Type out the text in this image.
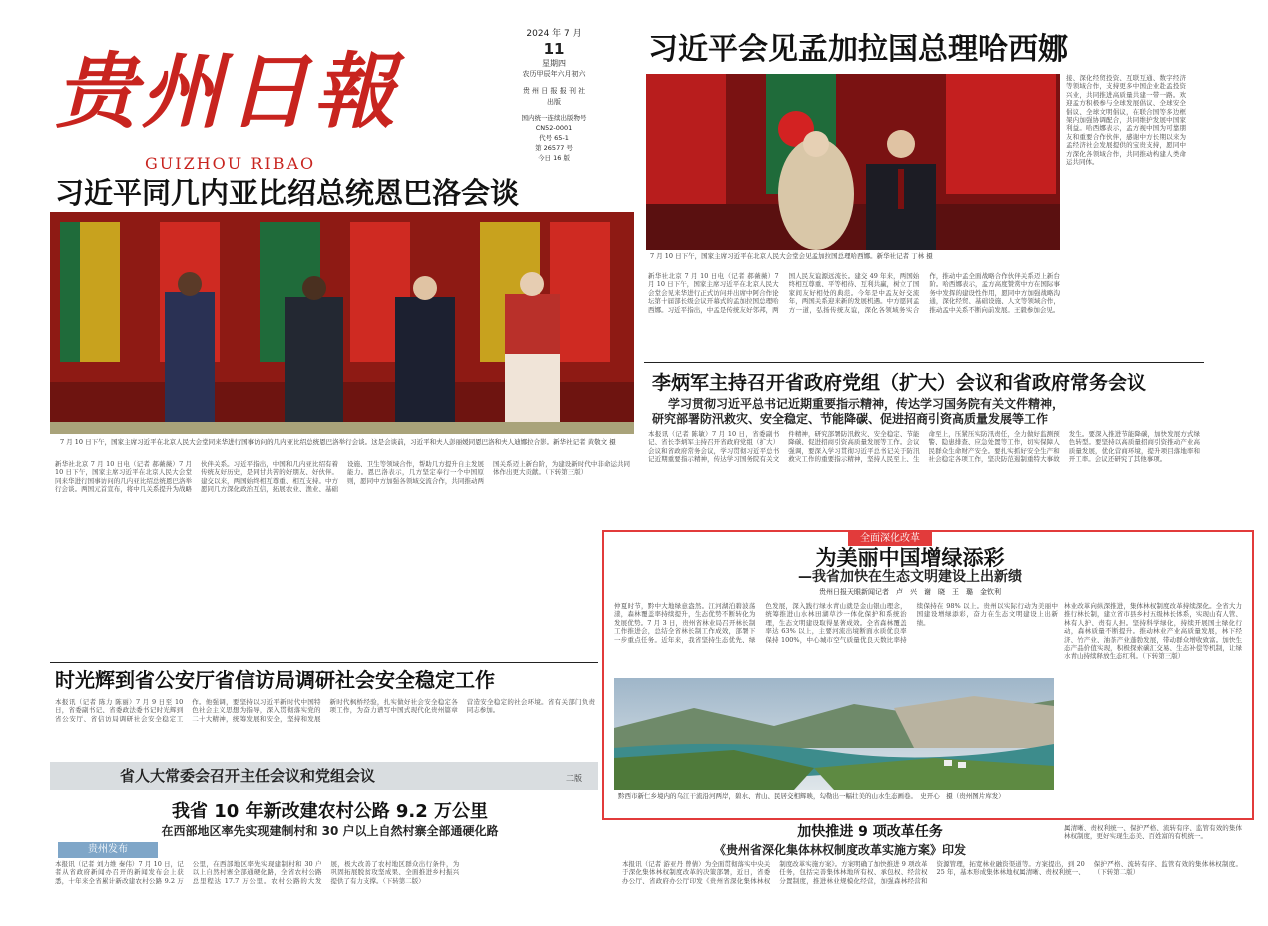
贵州日報
GUIZHOU RIBAO
2024 年 7 月
11
星期四
农历甲辰年六月初六
贵 州 日 报 报 刊 社
出版
国内统一连续出版物号
CN52-0001
代号 65-1
第 26577 号
今日 16 版
习近平会见孟加拉国总理哈西娜
7 月 10 日下午，国家主席习近平在北京人民大会堂会见孟加拉国总理哈西娜。新华社记者 丁林 摄
接、深化经贸投资、互联互通、数字经济等领域合作，支持更多中国企业赴孟投资兴业，共同推进高质量共建一带一路。欢迎孟方积极参与全球发展倡议、全球安全倡议、全球文明倡议，在联合国等多边框架内加强协调配合，共同维护发展中国家利益。哈西娜表示，孟方视中国为可靠朋友和重要合作伙伴，感谢中方长期以来为孟经济社会发展提供的宝贵支持，愿同中方深化各领域合作，共同推动构建人类命运共同体。
新华社北京 7 月 10 日电（记者 郝薇薇）7 月 10 日下午，国家主席习近平在北京人民大会堂会见来华进行正式访问并出席中阿合作论坛第十届部长级会议开幕式的孟加拉国总理哈西娜。习近平指出，中孟是传统友好邻邦，两国人民友谊源远流长。建交 49 年来，两国始终相互尊重、平等相待、互利共赢，树立了国家间友好相处的典范。今年是中孟友好交流年，两国关系迎来新的发展机遇。中方愿同孟方一道，弘扬传统友谊，深化各领域务实合作，推动中孟全面战略合作伙伴关系迈上新台阶。哈西娜表示，孟方高度赞赏中方在国际事务中发挥的建设性作用，愿同中方加强战略沟通，深化经贸、基础设施、人文等领域合作，推动孟中关系不断向前发展。王毅参加会见。
习近平同几内亚比绍总统恩巴洛会谈
7 月 10 日下午，国家主席习近平在北京人民大会堂同来华进行国事访问的几内亚比绍总统恩巴洛举行会谈。这是会谈前，习近平和夫人彭丽媛同恩巴洛和夫人迪娜拉合影。新华社记者 黄敬文 摄
新华社北京 7 月 10 日电（记者 郝薇薇）7 月 10 日下午，国家主席习近平在北京人民大会堂同来华进行国事访问的几内亚比绍总统恩巴洛举行会谈。两国元首宣布，将中几关系提升为战略伙伴关系。习近平指出，中国和几内亚比绍有着传统友好历史，是同甘共苦的好朋友、好伙伴。建交以来，两国始终相互尊重、相互支持。中方愿同几方深化政治互信，拓展农业、渔业、基础设施、卫生等领域合作，帮助几方提升自主发展能力。恩巴洛表示，几方坚定奉行一个中国原则，愿同中方加强各领域交流合作，共同推动两国关系迈上新台阶，为建设新时代中非命运共同体作出更大贡献。（下转第三版）
李炳军主持召开省政府党组（扩大）会议和省政府常务会议
学习贯彻习近平总书记近期重要指示精神，传达学习国务院有关文件精神，
研究部署防汛救灾、安全稳定、节能降碳、促进招商引资高质量发展等工作
本报讯（记者 陈敏）7 月 10 日，省委副书记、省长李炳军主持召开省政府党组（扩大）会议和省政府常务会议，学习贯彻习近平总书记近期重要指示精神，传达学习国务院有关文件精神，研究部署防汛救灾、安全稳定、节能降碳、促进招商引资高质量发展等工作。会议强调，要深入学习贯彻习近平总书记关于防汛救灾工作的重要指示精神，坚持人民至上、生命至上，压紧压实防汛责任，全力做好监测预警、隐患排查、应急处置等工作，切实保障人民群众生命财产安全。要扎实抓好安全生产和社会稳定各项工作，坚决防范遏制重特大事故发生。要深入推进节能降碳，加快发展方式绿色转型。要坚持以高质量招商引资推动产业高质量发展，优化营商环境，提升项目落地率和开工率。会议还研究了其他事项。
全面深化改革
为美丽中国增绿添彩
—我省加快在生态文明建设上出新绩
贵州日报天眼新闻记者　卢　兴　谢　晓　王　璐　金钦利
仲夏时节，黔中大地绿意盎然。江河湖泊碧波荡漾，森林覆盖率持续提升，生态优势不断转化为发展优势。7 月 3 日，贵州省林业局召开林长制工作推进会，总结全省林长制工作成效，部署下一步重点任务。近年来，我省坚持生态优先、绿色发展，深入践行绿水青山就是金山银山理念，统筹推进山水林田湖草沙一体化保护和系统治理，生态文明建设取得显著成效。全省森林覆盖率达 63% 以上，主要河流出境断面水质优良率保持 100%，中心城市空气质量优良天数比率持续保持在 98% 以上。贵州以实际行动为美丽中国建设增绿添彩，奋力在生态文明建设上出新绩。
黔西市新仁乡境内的乌江干流沿河两岸，碧水、青山、民居交相辉映，勾勒出一幅壮美的山水生态画卷。　史开心　摄（贵州图片库发）
林业改革向纵深推进，集体林权制度改革持续深化。全省大力推行林长制，建立省市县乡村五级林长体系，实现山有人管、林有人护、责有人担。坚持科学绿化，持续开展国土绿化行动，森林质量不断提升。推动林业产业高质量发展，林下经济、竹产业、油茶产业蓬勃发展，带动群众增收致富。加快生态产品价值实现，积极探索碳汇交易、生态补偿等机制，让绿水青山持续释放生态红利。（下转第三版）
时光辉到省公安厅省信访局调研社会安全稳定工作
本报讯（记者 陈力 陈丽）7 月 9 日至 10 日，省委副书记、省委政法委书记时光辉到省公安厅、省信访局调研社会安全稳定工作。他强调，要坚持以习近平新时代中国特色社会主义思想为指导，深入贯彻落实党的二十大精神，统筹发展和安全，坚持和发展新时代枫桥经验，扎实做好社会安全稳定各项工作，为奋力谱写中国式现代化贵州篇章营造安全稳定的社会环境。省有关部门负责同志参加。
省人大常委会召开主任会议和党组会议	二版
我省 10 年新改建农村公路 9.2 万公里
在西部地区率先实现建制村和 30 户以上自然村寨全部通硬化路
贵州发布
本报讯（记者 刘力维 秦伟）7 月 10 日，记者从省政府新闻办召开的新闻发布会上获悉，十年来全省累计新改建农村公路 9.2 万公里，在西部地区率先实现建制村和 30 户以上自然村寨全部通硬化路，全省农村公路总里程达 17.7 万公里。农村公路的大发展，极大改善了农村地区群众出行条件，为巩固拓展脱贫攻坚成果、全面推进乡村振兴提供了有力支撑。（下转第二版）
属清晰、责权利统一、保护严格、流转有序、监管有效的集体林权制度，更好实现生态美、百姓富的有机统一。
加快推进 9 项改革任务
《贵州省深化集体林权制度改革实施方案》印发
本报讯（记者 游亚丹 曾倩）为全面贯彻落实中央关于深化集体林权制度改革的决策部署，近日，省委办公厅、省政府办公厅印发《贵州省深化集体林权制度改革实施方案》。方案明确了加快推进 9 项改革任务，包括完善集体林地所有权、承包权、经营权分置制度，推进林业规模化经营，加强森林经营和资源管理，拓宽林业融资渠道等。方案提出，到 2025 年，基本形成集体林地权属清晰、责权利统一、保护严格、流转有序、监管有效的集体林权制度。（下转第二版）
